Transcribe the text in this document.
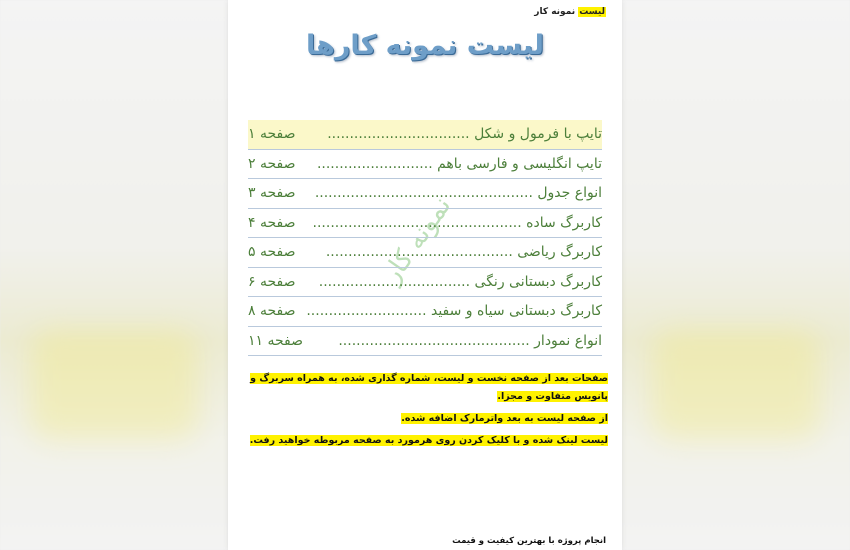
لیست نمونه کار
لیست نمونه کارها
نمونه کار
تایپ با فرمول و شکل ................................
صفحه ۱
تایپ انگلیسی و فارسی باهم ..........................
صفحه ۲
انواع جدول .................................................
صفحه ۳
کاربرگ ساده ...............................................
صفحه ۴
کاربرگ ریاضی ..........................................
صفحه ۵
کاربرگ دبستانی رنگی ..................................
صفحه ۶
کاربرگ دبستانی سیاه و سفید ...........................
صفحه ۸
انواع نمودار ...........................................
صفحه ۱۱

صفحات بعد از صفحه نخست و لیست، شماره گذاری شده، به همراه سربرگ و پانویس متفاوت و مجزا.

از صفحه لیست به بعد واترمارک اضافه شده.

لیست لینک شده و با کلیک کردن روی هرمورد به صفحه مربوطه خواهید رفت.

انجام پروژه با بهترین کیفیت و قیمت
